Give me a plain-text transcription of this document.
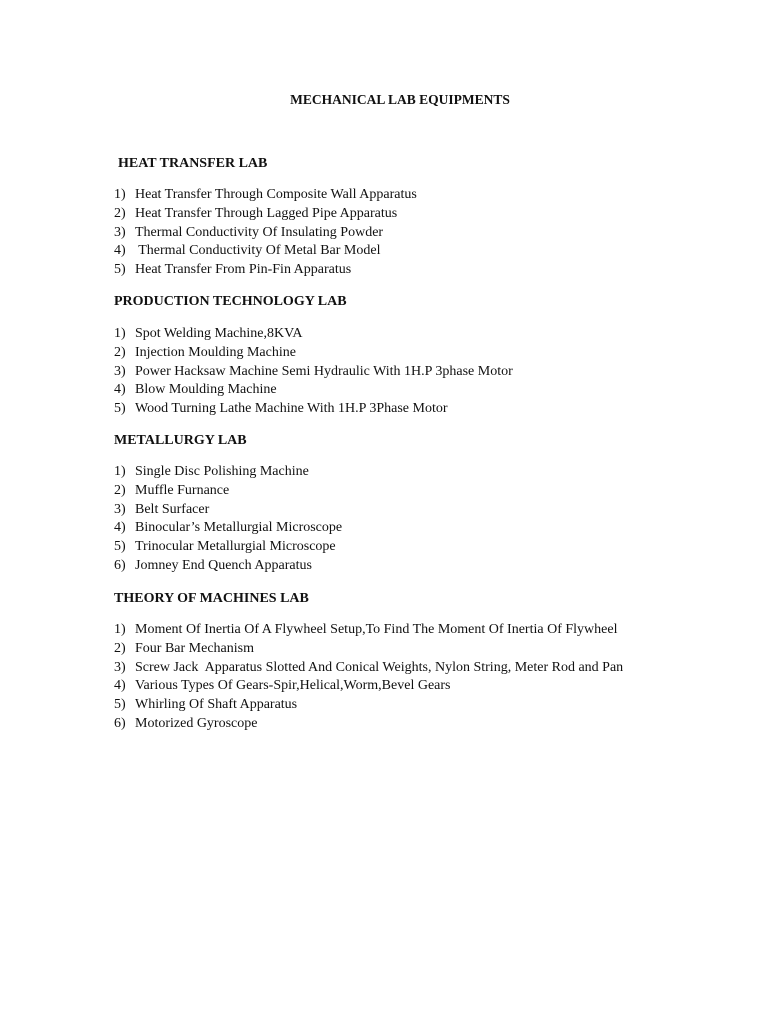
MECHANICAL LAB EQUIPMENTS
HEAT TRANSFER LAB
1) Heat Transfer Through Composite Wall Apparatus
2) Heat Transfer Through Lagged Pipe Apparatus
3) Thermal Conductivity Of Insulating Powder
4) Thermal Conductivity Of Metal Bar Model
5) Heat Transfer From Pin-Fin Apparatus
PRODUCTION TECHNOLOGY LAB
1) Spot Welding Machine,8KVA
2) Injection Moulding Machine
3) Power Hacksaw Machine Semi Hydraulic With 1H.P 3phase Motor
4) Blow Moulding Machine
5) Wood Turning Lathe Machine With 1H.P 3Phase Motor
METALLURGY LAB
1) Single Disc Polishing Machine
2) Muffle Furnance
3) Belt Surfacer
4) Binocular’s Metallurgial Microscope
5) Trinocular Metallurgial Microscope
6) Jomney End Quench Apparatus
THEORY OF MACHINES LAB
1) Moment Of Inertia Of A Flywheel Setup,To Find The Moment Of Inertia Of Flywheel
2) Four Bar Mechanism
3) Screw Jack  Apparatus Slotted And Conical Weights, Nylon String, Meter Rod and Pan
4) Various Types Of Gears-Spir,Helical,Worm,Bevel Gears
5) Whirling Of Shaft Apparatus
6) Motorized Gyroscope
